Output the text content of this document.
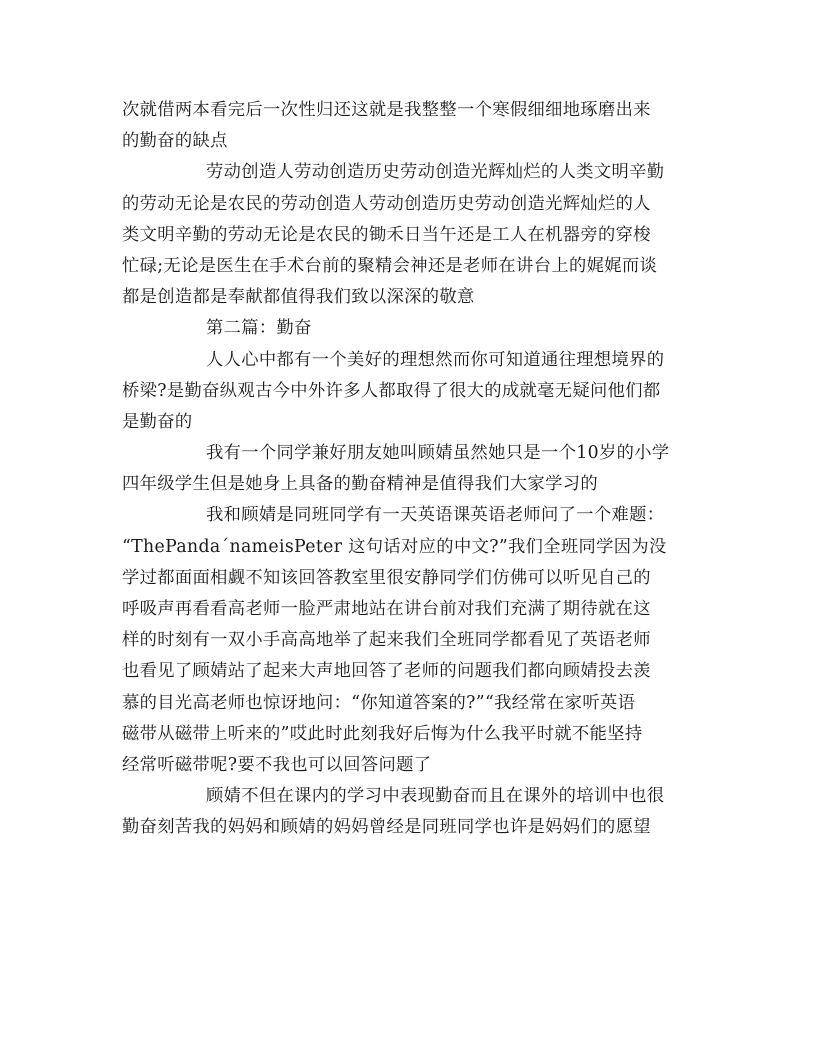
次就借两本看完后一次性归还这就是我整整一个寒假细细地琢磨出来
的勤奋的缺点
劳动创造人劳动创造历史劳动创造光辉灿烂的人类文明辛勤
的劳动无论是农民的劳动创造人劳动创造历史劳动创造光辉灿烂的人
类文明辛勤的劳动无论是农民的锄禾日当午还是工人在机器旁的穿梭
忙碌;无论是医生在手术台前的聚精会神还是老师在讲台上的娓娓而谈
都是创造都是奉献都值得我们致以深深的敬意
第二篇：勤奋
人人心中都有一个美好的理想然而你可知道通往理想境界的
桥梁?是勤奋纵观古今中外许多人都取得了很大的成就毫无疑问他们都
是勤奋的
我有一个同学兼好朋友她叫顾婧虽然她只是一个10岁的小学
四年级学生但是她身上具备的勤奋精神是值得我们大家学习的
我和顾婧是同班同学有一天英语课英语老师问了一个难题：
“ThePanda´nameisPeter 这句话对应的中文?”我们全班同学因为没
学过都面面相觑不知该回答教室里很安静同学们仿佛可以听见自己的
呼吸声再看看高老师一脸严肃地站在讲台前对我们充满了期待就在这
样的时刻有一双小手高高地举了起来我们全班同学都看见了英语老师
也看见了顾婧站了起来大声地回答了老师的问题我们都向顾婧投去羡
慕的目光高老师也惊讶地问：“你知道答案的?”“我经常在家听英语
磁带从磁带上听来的”哎此时此刻我好后悔为什么我平时就不能坚持
经常听磁带呢?要不我也可以回答问题了
顾婧不但在课内的学习中表现勤奋而且在课外的培训中也很
勤奋刻苦我的妈妈和顾婧的妈妈曾经是同班同学也许是妈妈们的愿望
